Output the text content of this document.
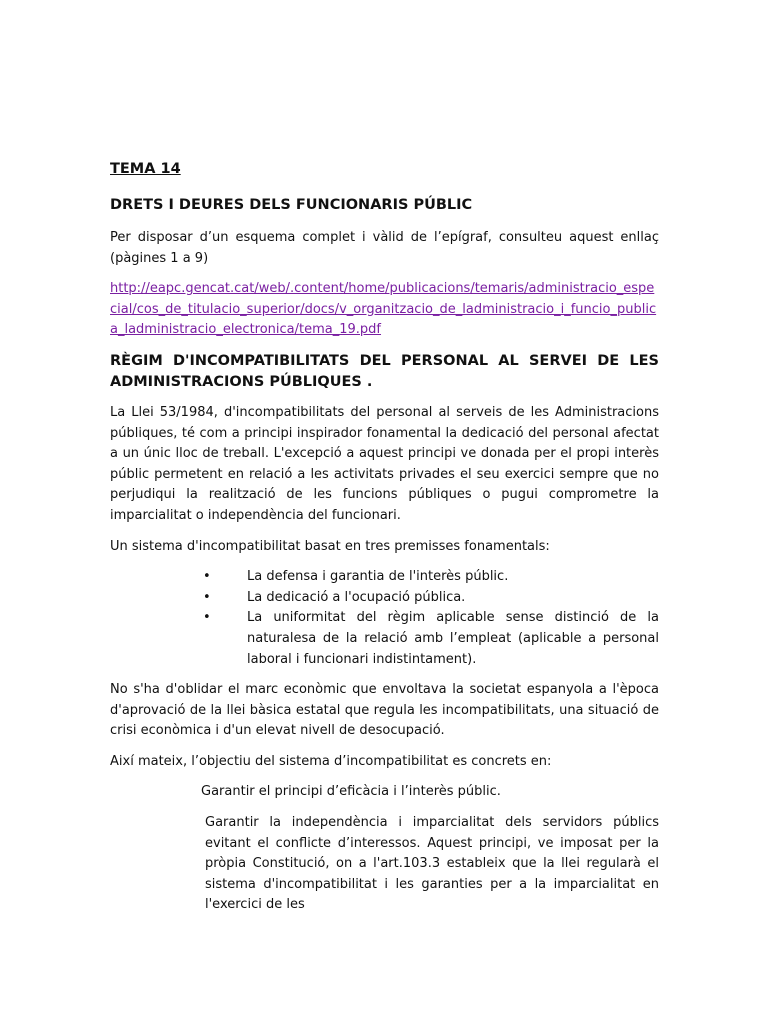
TEMA 14
DRETS I DEURES DELS FUNCIONARIS PÚBLIC

Per disposar d’un esquema complet i vàlid de l’epígraf, consulteu aquest enllaç (pàgines 1 a 9)

http://eapc.gencat.cat/web/.content/home/publicacions/temaris/administracio_especial/cos_de_titulacio_superior/docs/v_organitzacio_de_ladministracio_i_funcio_publica_ladministracio_electronica/tema_19.pdf
RÈGIM D'INCOMPATIBILITATS DEL PERSONAL AL SERVEI DE LES ADMINISTRACIONS PÚBLIQUES .

La Llei 53/1984, d'incompatibilitats del personal al serveis de les Administracions públiques, té com a principi inspirador fonamental la dedicació del personal afectat a un únic lloc de treball. L'excepció a aquest principi ve donada per el propi interès públic permetent en relació a les activitats privades el seu exercici sempre que no perjudiqui la realització de les funcions públiques o pugui comprometre la imparcialitat o independència del funcionari.

Un sistema d'incompatibilitat basat en tres premisses fonamentals:

•	La defensa i garantia de l'interès públic.
•	La dedicació a l'ocupació pública.
•	La uniformitat del règim aplicable sense distinció de la naturalesa de la relació amb l’empleat (aplicable a personal laboral i funcionari indistintament).

No s'ha d'oblidar el marc econòmic que envoltava la societat espanyola a l'època d'aprovació de la llei bàsica estatal que regula les incompatibilitats, una situació de crisi econòmica i d'un elevat nivell de desocupació.

Així mateix, l’objectiu del sistema d’incompatibilitat es concrets en:

Garantir el principi d’eficàcia i l’interès públic.

Garantir la independència i imparcialitat dels servidors públics evitant el conflicte d’interessos. Aquest principi, ve imposat per la pròpia Constitució, on a l'art.103.3 estableix que la llei regularà el sistema d'incompatibilitat i les garanties per a la imparcialitat en l'exercici de les
